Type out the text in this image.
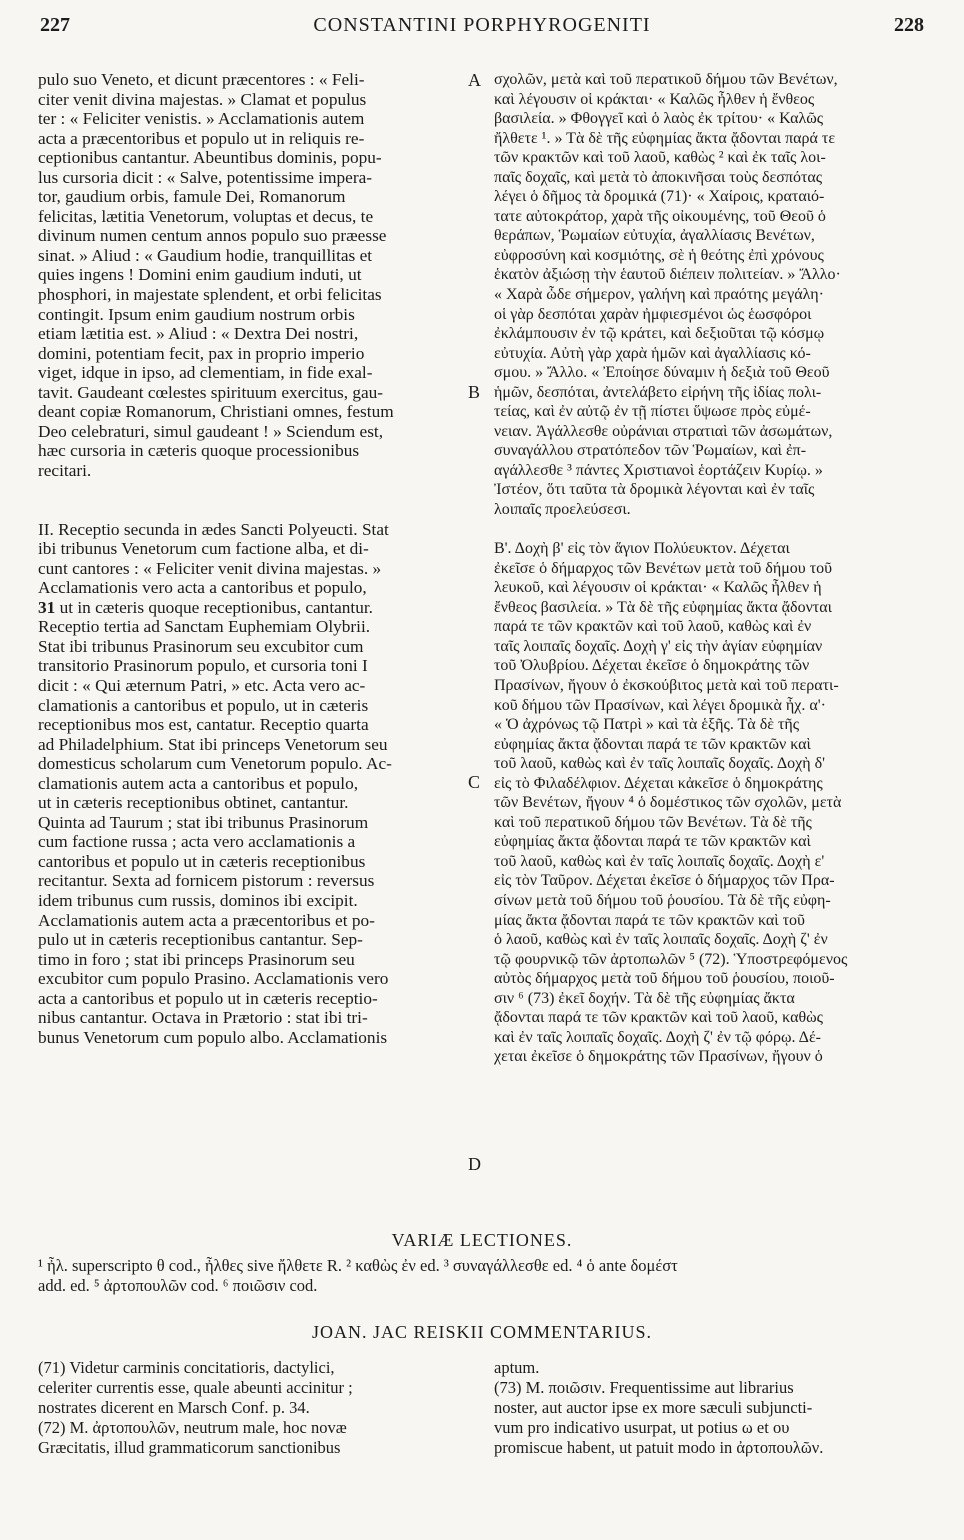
227	CONSTANTINI PORPHYROGENITI	228
pulo suo Veneto, et dicunt præcentores : « Feli-
citer venit divina majestas. » Clamat et populus
ter : « Feliciter venistis. » Acclamationis autem
acta a præcentoribus et populo ut in reliquis re-
ceptionibus cantantur. Abeuntibus dominis, popu-
lus cursoria dicit : « Salve, potentissime impera-
tor, gaudium orbis, famule Dei, Romanorum
felicitas, lætitia Venetorum, voluptas et decus, te
divinum numen centum annos populo suo præesse
sinat. » Aliud : « Gaudium hodie, tranquillitas et
quies ingens ! Domini enim gaudium induti, ut
phosphori, in majestate splendent, et orbi felicitas
contingit. Ipsum enim gaudium nostrum orbis
etiam lætitia est. » Aliud : « Dextra Dei nostri,
domini, potentiam fecit, pax in proprio imperio
viget, idque in ipso, ad clementiam, in fide exal-
tavit. Gaudeant cœlestes spirituum exercitus, gau-
deant copiæ Romanorum, Christiani omnes, festum
Deo celebraturi, simul gaudeant ! » Sciendum est,
hæc cursoria in cæteris quoque processionibus
recitari.
II. Receptio secunda in ædes Sancti Polyeucti. Stat
ibi tribunus Venetorum cum factione alba, et di-
cunt cantores : « Feliciter venit divina majestas. »
Acclamationis vero acta a cantoribus et populo,
31 ut in cæteris quoque receptionibus, cantantur.
Receptio tertia ad Sanctam Euphemiam Olybrii.
Stat ibi tribunus Prasinorum seu excubitor cum
transitorio Prasinorum populo, et cursoria toni I
dicit : « Qui æternum Patri, » etc. Acta vero ac-
clamationis a cantoribus et populo, ut in cæteris
receptionibus mos est, cantatur. Receptio quarta
ad Philadelphium. Stat ibi princeps Venetorum seu
domesticus scholarum cum Venetorum populo. Ac-
clamationis autem acta a cantoribus et populo,
ut in cæteris receptionibus obtinet, cantantur.
Quinta ad Taurum ; stat ibi tribunus Prasinorum
cum factione russa ; acta vero acclamationis a
cantoribus et populo ut in cæteris receptionibus
recitantur. Sexta ad fornicem pistorum : reversus
idem tribunus cum russis, dominos ibi excipit.
Acclamationis autem acta a præcentoribus et po-
pulo ut in cæteris receptionibus cantantur. Sep-
timo in foro ; stat ibi princeps Prasinorum seu
excubitor cum populo Prasino. Acclamationis vero
acta a cantoribus et populo ut in cæteris receptio-
nibus cantantur. Octava in Prætorio : stat ibi tri-
bunus Venetorum cum populo albo. Acclamationis
σχολῶν, μετὰ καὶ τοῦ περατικοῦ δήμου τῶν Βενέτων,
καὶ λέγουσιν οἱ κράκται· « Καλῶς ἦλθεν ἡ ἔνθεος
βασιλεία. » Φθογγεῖ καὶ ὁ λαὸς ἐκ τρίτου· « Καλῶς
ἤλθετε ¹. » Τὰ δὲ τῆς εὐφημίας ἄκτα ᾄδονται παρά τε
τῶν κρακτῶν καὶ τοῦ λαοῦ, καθὼς ² καὶ ἐκ ταῖς λοι-
παῖς δοχαῖς, καὶ μετὰ τὸ ἀποκινῆσαι τοὺς δεσπότας
λέγει ὁ δῆμος τὰ δρομικά (71)· « Χαίροις, κραταιό-
τατε αὐτοκράτορ, χαρὰ τῆς οἰκουμένης, τοῦ Θεοῦ ὁ
θεράπων, Ῥωμαίων εὐτυχία, ἀγαλλίασις Βενέτων,
εὐφροσύνη καὶ κοσμιότης, σὲ ἡ θεότης ἐπὶ χρόνους
ἑκατὸν ἀξιώσῃ τὴν ἑαυτοῦ διέπειν πολιτείαν. » Ἄλλο·
« Χαρὰ ὧδε σήμερον, γαλήνη καὶ πραότης μεγάλη·
οἱ γὰρ δεσπόται χαρὰν ἠμφιεσμένοι ὡς ἑωσφόροι
ἐκλάμπουσιν ἐν τῷ κράτει, καὶ δεξιοῦται τῷ κόσμῳ
εὐτυχία. Αὐτὴ γὰρ χαρὰ ἡμῶν καὶ ἀγαλλίασις κό-
σμου. » Ἄλλο. « Ἐποίησε δύναμιν ἡ δεξιὰ τοῦ Θεοῦ
ἡμῶν, δεσπόται, ἀντελάβετο εἰρήνη τῆς ἰδίας πολι-
τείας, καὶ ἐν αὐτῷ ἐν τῇ πίστει ὕψωσε πρὸς εὐμέ-
νειαν. Ἀγάλλεσθε οὐράνιαι στρατιαὶ τῶν ἀσωμάτων,
συναγάλλου στρατόπεδον τῶν Ῥωμαίων, καὶ ἐπ-
αγάλλεσθε ³ πάντες Χριστιανοὶ ἑορτάζειν Κυρίῳ. »
Ἰστέον, ὅτι ταῦτα τὰ δρομικὰ λέγονται καὶ ἐν ταῖς
λοιπαῖς προελεύσεσι.
Β'. Δοχὴ β' εἰς τὸν ἅγιον Πολύευκτον. Δέχεται
ἐκεῖσε ὁ δήμαρχος τῶν Βενέτων μετὰ τοῦ δήμου τοῦ
λευκοῦ, καὶ λέγουσιν οἱ κράκται· « Καλῶς ἦλθεν ἡ
ἔνθεος βασιλεία. » Τὰ δὲ τῆς εὐφημίας ἄκτα ᾄδονται
παρά τε τῶν κρακτῶν καὶ τοῦ λαοῦ, καθὼς καὶ ἐν
ταῖς λοιπαῖς δοχαῖς. Δοχὴ γ' εἰς τὴν ἁγίαν εὐφημίαν
τοῦ Ὀλυβρίου. Δέχεται ἐκεῖσε ὁ δημοκράτης τῶν
Πρασίνων, ἤγουν ὁ ἐκσκούβιτος μετὰ καὶ τοῦ περατι-
κοῦ δήμου τῶν Πρασίνων, καὶ λέγει δρομικὰ ἦχ. α'·
« Ὁ ἀχρόνως τῷ Πατρὶ » καὶ τὰ ἑξῆς. Τὰ δὲ τῆς
εὐφημίας ἄκτα ᾄδονται παρά τε τῶν κρακτῶν καὶ
τοῦ λαοῦ, καθὼς καὶ ἐν ταῖς λοιπαῖς δοχαῖς. Δοχὴ δ'
εἰς τὸ Φιλαδέλφιον. Δέχεται κἀκεῖσε ὁ δημοκράτης
τῶν Βενέτων, ἤγουν ⁴ ὁ δομέστικος τῶν σχολῶν, μετὰ
καὶ τοῦ περατικοῦ δήμου τῶν Βενέτων. Τὰ δὲ τῆς
εὐφημίας ἄκτα ᾄδονται παρά τε τῶν κρακτῶν καὶ
τοῦ λαοῦ, καθὼς καὶ ἐν ταῖς λοιπαῖς δοχαῖς. Δοχὴ ε'
εἰς τὸν Ταῦρον. Δέχεται ἐκεῖσε ὁ δήμαρχος τῶν Πρα-
σίνων μετὰ τοῦ δήμου τοῦ ῥουσίου. Τὰ δὲ τῆς εὐφη-
μίας ἄκτα ᾄδονται παρά τε τῶν κρακτῶν καὶ τοῦ
ὁ λαοῦ, καθὼς καὶ ἐν ταῖς λοιπαῖς δοχαῖς. Δοχὴ ζ' ἐν
τῷ φουρνικῷ τῶν ἀρτοπωλῶν ⁵ (72). Ὑποστρεφόμενος
αὐτὸς δήμαρχος μετὰ τοῦ δήμου τοῦ ῥουσίου, ποιοῦ-
σιν ⁶ (73) ἐκεῖ δοχήν. Τὰ δὲ τῆς εὐφημίας ἄκτα
ᾄδονται παρά τε τῶν κρακτῶν καὶ τοῦ λαοῦ, καθὼς
καὶ ἐν ταῖς λοιπαῖς δοχαῖς. Δοχὴ ζ' ἐν τῷ φόρῳ. Δέ-
χεται ἐκεῖσε ὁ δημοκράτης τῶν Πρασίνων, ἤγουν ὁ
A
B
C
D
VARIÆ LECTIONES.
¹ ἦλ. superscripto θ cod., ἦλθες sive ἤλθετε R. ² καθὼς ἐν ed. ³ συναγάλλεσθε ed. ⁴ ὁ ante δομέστ
add. ed. ⁵ ἀρτοπουλῶν cod. ⁶ ποιῶσιν cod.
JOAN. JAC REISKII COMMENTARIUS.
(71) Videtur carminis concitatioris, dactylici,
celeriter currentis esse, quale abeunti accinitur ;
nostrates dicerent en Marsch Conf. p. 34.
(72) M. ἀρτοπουλῶν, neutrum male, hoc novæ
Græcitatis, illud grammaticorum sanctionibus
aptum.
(73) M. ποιῶσιν. Frequentissime aut librarius
noster, aut auctor ipse ex more sæculi subjuncti-
vum pro indicativo usurpat, ut potius ω et ου
promiscue habent, ut patuit modo in ἀρτοπουλῶν.
